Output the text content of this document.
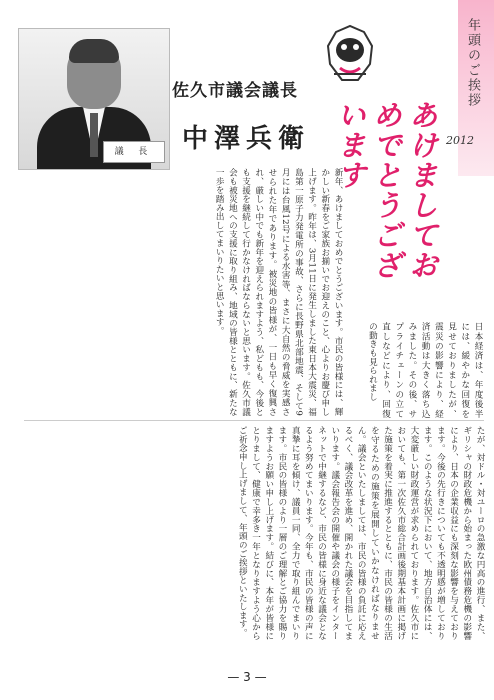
議 長
佐久市議会議長
中澤兵衛	あけましておめでとうございます
年頭のご挨拶
2012
日本経済は、年度後半には、緩やかな回復を見せておりましたが、震災の影響により、経済活動は大きく落ち込みました。その後、サプライチェーンの立て直しなどにより、回復の動きも見られまし
新年、あけましておめでとうございます。市民の皆様には、輝かしい新春をご家族お揃いでお迎えのこと、心よりお慶び申し上げます。昨年は、3月11日に発生しました東日本大震災、福島第一原子力発電所の事故、さらに長野県北部地震、そして9月には台風12号による水害等、まさに大自然の脅威を実感させられた年であります。被災地の皆様が、一日も早く復興され、厳しい中でも新年を迎えられますよう、私どもも、今後とも支援を継続して行かなければならないと思います。佐久市議会も被災地への支援に取り組み、地域の皆様とともに、新たな一歩を踏み出してまいりたいと思います。
たが、対ドル・対ユーロの急激な円高の進行、また、ギリシャの財政危機から始まった欧州債務危機の影響により、日本の企業収益にも深刻な影響を与えております。今後の先行きについても不透明感が増しております。このような状況下において、地方自治体には、大変厳しい財政運営が求められております。佐久市においても、第一次佐久市総合計画後期基本計画に掲げた施策を着実に推進するとともに、市民の皆様の生活を守るための施策を展開していかなければなりません。議会といたしましては、市民の皆様の負託に応えるべく、議会改革を進め、開かれた議会を目指してまいります。議会報告会の開催や議会の様子をインターネットで中継するなど、市民の皆様に身近な議会となるよう努めてまいります。今年も、市民の皆様の声に真摯に耳を傾け、議員一同、全力で取り組んでまいります。市民の皆様のより一層のご理解とご協力を賜りますようお願い申し上げます。結びに、本年が皆様にとりまして、健康で幸多き一年となりますよう心からご祈念申し上げまして、年頭のご挨拶といたします。
— 3 —
